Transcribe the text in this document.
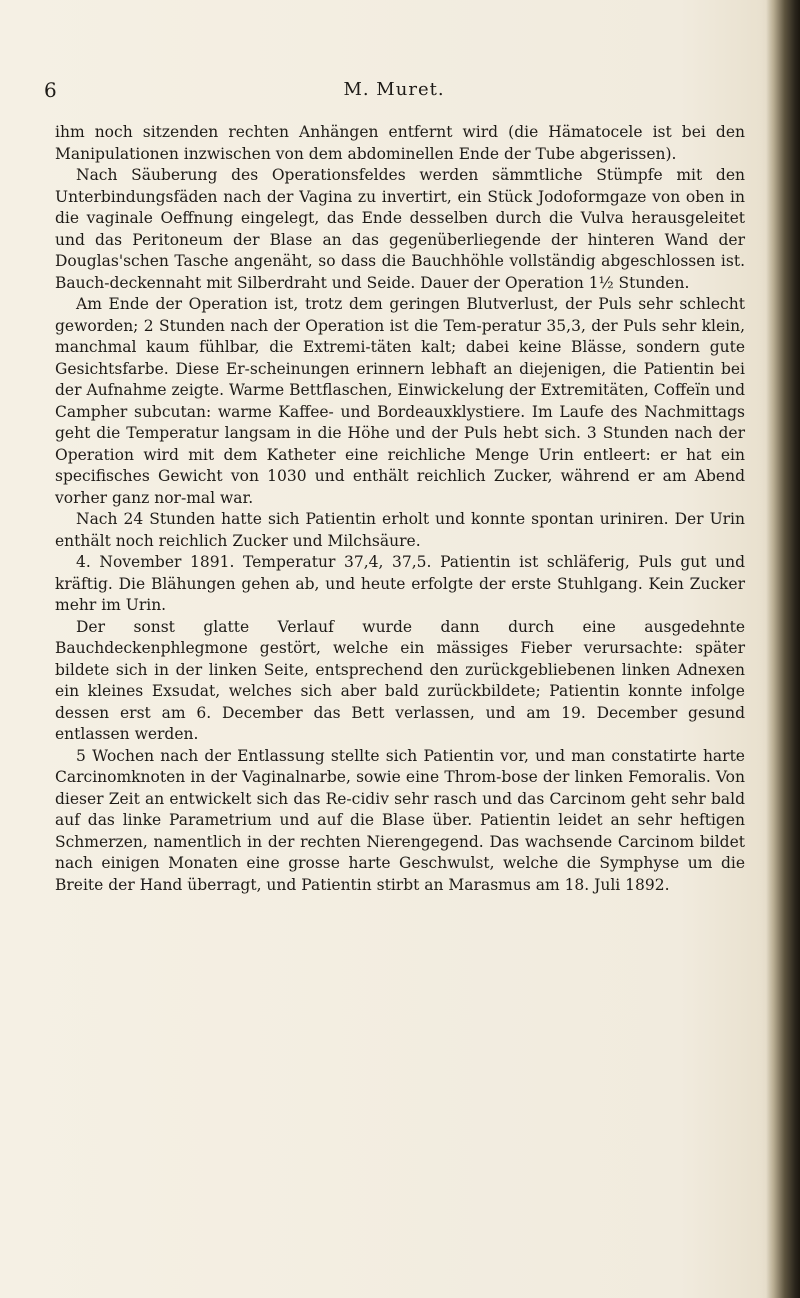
6	M. Muret.

ihm noch sitzenden rechten Anhängen entfernt wird (die Hämatocele ist bei den Manipulationen inzwischen von dem abdominellen Ende der Tube abgerissen).

Nach Säuberung des Operationsfeldes werden sämmtliche Stümpfe mit den Unterbindungsfäden nach der Vagina zu invertirt, ein Stück Jodoformgaze von oben in die vaginale Oeffnung eingelegt, das Ende desselben durch die Vulva herausgeleitet und das Peritoneum der Blase an das gegenüberliegende der hinteren Wand der Douglas'schen Tasche angenäht, so dass die Bauchhöhle vollständig abgeschlossen ist. Bauch-deckennaht mit Silberdraht und Seide. Dauer der Operation 1½ Stunden.

Am Ende der Operation ist, trotz dem geringen Blutverlust, der Puls sehr schlecht geworden; 2 Stunden nach der Operation ist die Tem-peratur 35,3, der Puls sehr klein, manchmal kaum fühlbar, die Extremi-täten kalt; dabei keine Blässe, sondern gute Gesichtsfarbe. Diese Er-scheinungen erinnern lebhaft an diejenigen, die Patientin bei der Aufnahme zeigte. Warme Bettflaschen, Einwickelung der Extremitäten, Coffeïn und Campher subcutan: warme Kaffee- und Bordeauxklystiere. Im Laufe des Nachmittags geht die Temperatur langsam in die Höhe und der Puls hebt sich. 3 Stunden nach der Operation wird mit dem Katheter eine reichliche Menge Urin entleert: er hat ein specifisches Gewicht von 1030 und enthält reichlich Zucker, während er am Abend vorher ganz nor-mal war.

Nach 24 Stunden hatte sich Patientin erholt und konnte spontan uriniren. Der Urin enthält noch reichlich Zucker und Milchsäure.

4. November 1891. Temperatur 37,4, 37,5. Patientin ist schläferig, Puls gut und kräftig. Die Blähungen gehen ab, und heute erfolgte der erste Stuhlgang. Kein Zucker mehr im Urin.

Der sonst glatte Verlauf wurde dann durch eine ausgedehnte Bauchdeckenphlegmone gestört, welche ein mässiges Fieber verursachte: später bildete sich in der linken Seite, entsprechend den zurückgebliebenen linken Adnexen ein kleines Exsudat, welches sich aber bald zurückbildete; Patientin konnte infolge dessen erst am 6. December das Bett verlassen, und am 19. December gesund entlassen werden.

5 Wochen nach der Entlassung stellte sich Patientin vor, und man constatirte harte Carcinomknoten in der Vaginalnarbe, sowie eine Throm-bose der linken Femoralis. Von dieser Zeit an entwickelt sich das Re-cidiv sehr rasch und das Carcinom geht sehr bald auf das linke Parametrium und auf die Blase über. Patientin leidet an sehr heftigen Schmerzen, namentlich in der rechten Nierengegend. Das wachsende Carcinom bildet nach einigen Monaten eine grosse harte Geschwulst, welche die Symphyse um die Breite der Hand überragt, und Patientin stirbt an Marasmus am 18. Juli 1892.
